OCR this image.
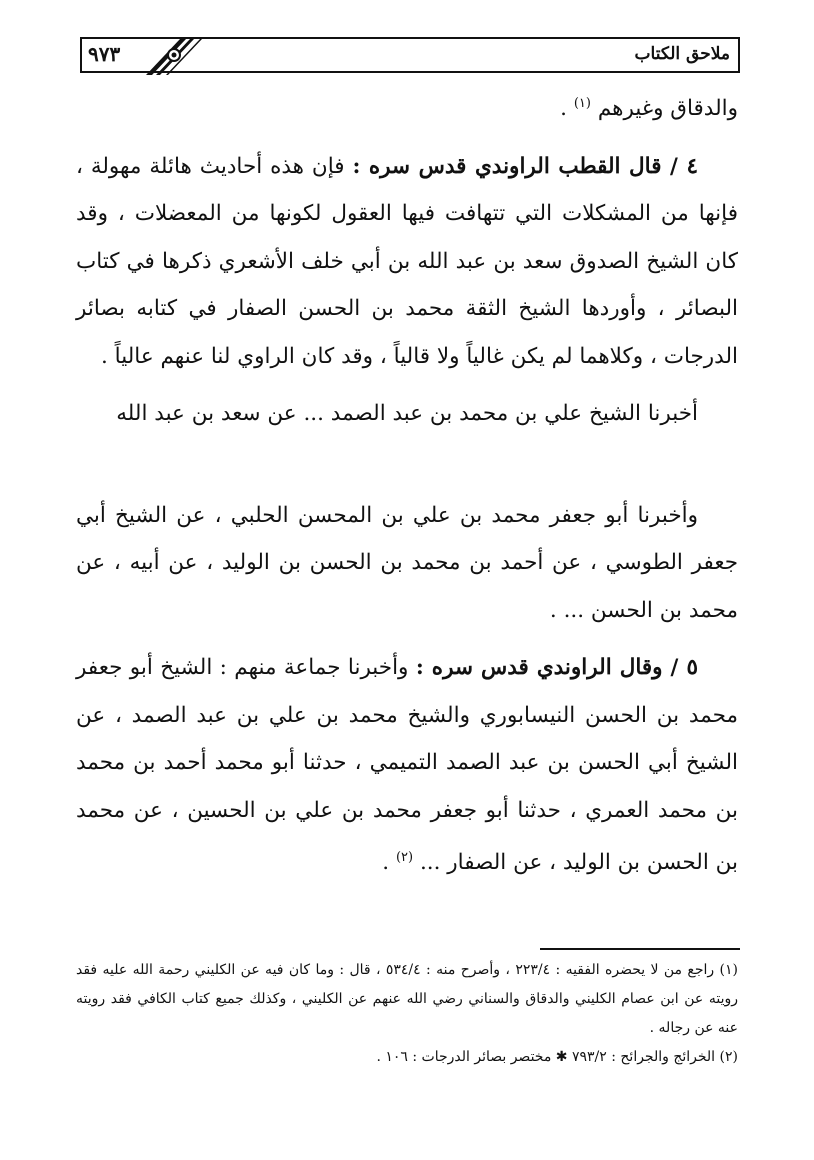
ملاحق الكتاب
٩٧٣

والدقاق وغيرهم $^{(١)}$ .

٤ / قال القطب الراوندي قدس سره : فإن هذه أحاديث هائلة مهولة ، فإنها من المشكلات التي تتهافت فيها العقول لكونها من المعضلات ، وقد كان الشيخ الصدوق سعد بن عبد الله بن أبي خلف الأشعري ذكرها في كتاب البصائر ، وأوردها الشيخ الثقة محمد بن الحسن الصفار في كتابه بصائر الدرجات ، وكلاهما لم يكن غالياً ولا قالياً ، وقد كان الراوي لنا عنهم عالياً .

أخبرنا الشيخ علي بن محمد بن عبد الصمد ... عن سعد بن عبد الله

وأخبرنا أبو جعفر محمد بن علي بن المحسن الحلبي ، عن الشيخ أبي جعفر الطوسي ، عن أحمد بن محمد بن الحسن بن الوليد ، عن أبيه ، عن محمد بن الحسن ... .

٥ / وقال الراوندي قدس سره : وأخبرنا جماعة منهم : الشيخ أبو جعفر محمد بن الحسن النيسابوري والشيخ محمد بن علي بن عبد الصمد ، عن الشيخ أبي الحسن بن عبد الصمد التميمي ، حدثنا أبو محمد أحمد بن محمد بن محمد العمري ، حدثنا أبو جعفر محمد بن علي بن الحسين ، عن محمد بن الحسن بن الوليد ، عن الصفار ... $^{(٢)}$ .

(١) راجع من لا يحضره الفقيه : ٢٢٣/٤ ، وأصرح منه : ٥٣٤/٤ ، قال : وما كان فيه عن الكليني رحمة الله عليه فقد رويته عن ابن عصام الكليني والدقاق والسناني رضي الله عنهم عن الكليني ، وكذلك جميع كتاب الكافي فقد رويته عنه عن رجاله .

(٢) الخرائج والجرائح : ٧٩٣/٢ ✱ مختصر بصائر الدرجات : ١٠٦ .
